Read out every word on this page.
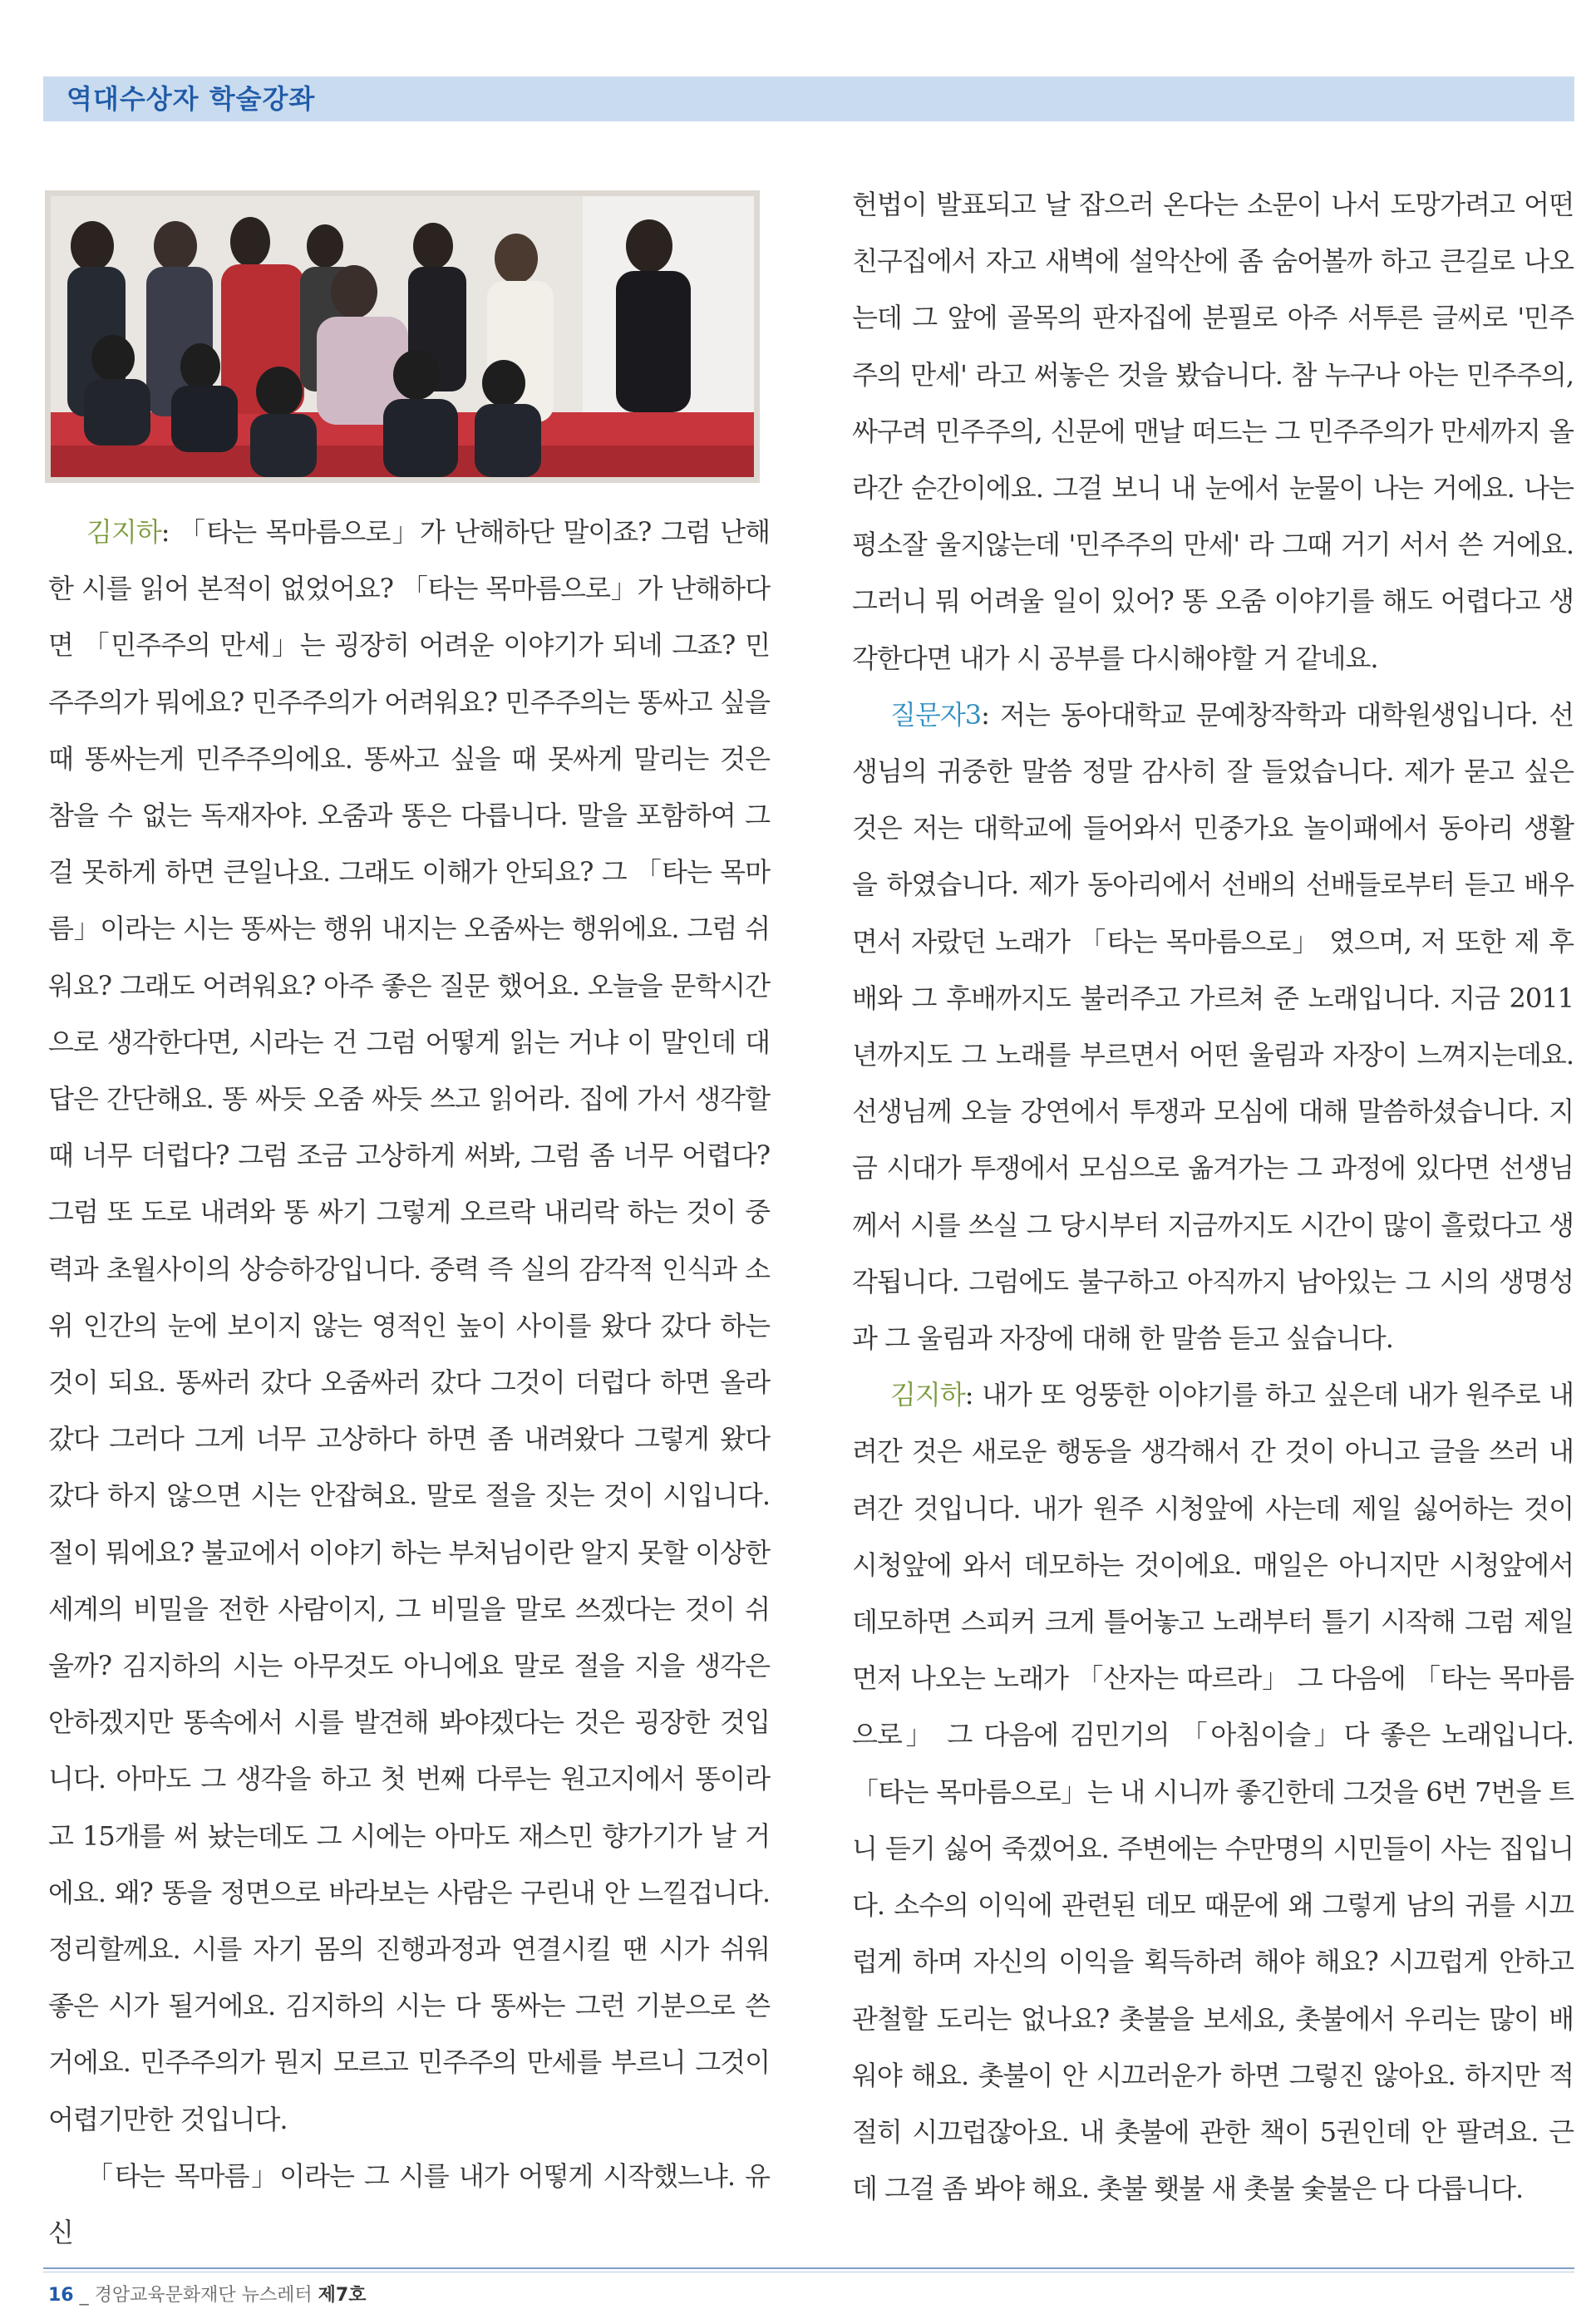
역대수상자 학술강좌

김지하: 「타는 목마름으로」가 난해하단 말이죠? 그럼 난해한 시를 읽어 본적이 없었어요? 「타는 목마름으로」가 난해하다면 「민주주의 만세」는 굉장히 어려운 이야기가 되네 그죠? 민주주의가 뭐에요? 민주주의가 어려워요? 민주주의는 똥싸고 싶을 때 똥싸는게 민주주의에요. 똥싸고 싶을 때 못싸게 말리는 것은 참을 수 없는 독재자야. 오줌과 똥은 다릅니다. 말을 포함하여 그걸 못하게 하면 큰일나요. 그래도 이해가 안되요? 그 「타는 목마름」이라는 시는 똥싸는 행위 내지는 오줌싸는 행위에요. 그럼 쉬워요? 그래도 어려워요? 아주 좋은 질문 했어요. 오늘을 문학시간으로 생각한다면, 시라는 건 그럼 어떻게 읽는 거냐 이 말인데 대답은 간단해요. 똥 싸듯 오줌 싸듯 쓰고 읽어라. 집에 가서 생각할 때 너무 더럽다? 그럼 조금 고상하게 써봐, 그럼 좀 너무 어렵다? 그럼 또 도로 내려와 똥 싸기 그렇게 오르락 내리락 하는 것이 중력과 초월사이의 상승하강입니다. 중력 즉 실의 감각적 인식과 소위 인간의 눈에 보이지 않는 영적인 높이 사이를 왔다 갔다 하는 것이 되요. 똥싸러 갔다 오줌싸러 갔다 그것이 더럽다 하면 올라갔다 그러다 그게 너무 고상하다 하면 좀 내려왔다 그렇게 왔다 갔다 하지 않으면 시는 안잡혀요. 말로 절을 짓는 것이 시입니다. 절이 뭐에요? 불교에서 이야기 하는 부처님이란 알지 못할 이상한 세계의 비밀을 전한 사람이지, 그 비밀을 말로 쓰겠다는 것이 쉬울까? 김지하의 시는 아무것도 아니에요 말로 절을 지을 생각은 안하겠지만 똥속에서 시를 발견해 봐야겠다는 것은 굉장한 것입니다. 아마도 그 생각을 하고 첫 번째 다루는 원고지에서 똥이라고 15개를 써 놨는데도 그 시에는 아마도 재스민 향가기가 날 거에요. 왜? 똥을 정면으로 바라보는 사람은 구린내 안 느낄겁니다. 정리할께요. 시를 자기 몸의 진행과정과 연결시킬 땐 시가 쉬워 좋은 시가 될거에요. 김지하의 시는 다 똥싸는 그런 기분으로 쓴 거에요. 민주주의가 뭔지 모르고 민주주의 만세를 부르니 그것이 어렵기만한 것입니다.

「타는 목마름」이라는 그 시를 내가 어떻게 시작했느냐. 유신

헌법이 발표되고 날 잡으러 온다는 소문이 나서 도망가려고 어떤 친구집에서 자고 새벽에 설악산에 좀 숨어볼까 하고 큰길로 나오는데 그 앞에 골목의 판자집에 분필로 아주 서투른 글씨로 '민주주의 만세' 라고 써놓은 것을 봤습니다. 참 누구나 아는 민주주의, 싸구려 민주주의, 신문에 맨날 떠드는 그 민주주의가 만세까지 올라간 순간이에요. 그걸 보니 내 눈에서 눈물이 나는 거에요. 나는 평소잘 울지않는데 '민주주의 만세' 라 그때 거기 서서 쓴 거에요. 그러니 뭐 어려울 일이 있어? 똥 오줌 이야기를 해도 어렵다고 생각한다면 내가 시 공부를 다시해야할 거 같네요.

질문자3: 저는 동아대학교 문예창작학과 대학원생입니다. 선생님의 귀중한 말씀 정말 감사히 잘 들었습니다. 제가 묻고 싶은 것은 저는 대학교에 들어와서 민중가요 놀이패에서 동아리 생활을 하였습니다. 제가 동아리에서 선배의 선배들로부터 듣고 배우면서 자랐던 노래가 「타는 목마름으로」 였으며, 저 또한 제 후배와 그 후배까지도 불러주고 가르쳐 준 노래입니다. 지금 2011년까지도 그 노래를 부르면서 어떤 울림과 자장이 느껴지는데요. 선생님께 오늘 강연에서 투쟁과 모심에 대해 말씀하셨습니다. 지금 시대가 투쟁에서 모심으로 옮겨가는 그 과정에 있다면 선생님께서 시를 쓰실 그 당시부터 지금까지도 시간이 많이 흘렀다고 생각됩니다. 그럼에도 불구하고 아직까지 남아있는 그 시의 생명성과 그 울림과 자장에 대해 한 말씀 듣고 싶습니다.

김지하: 내가 또 엉뚱한 이야기를 하고 싶은데 내가 원주로 내려간 것은 새로운 행동을 생각해서 간 것이 아니고 글을 쓰러 내려간 것입니다. 내가 원주 시청앞에 사는데 제일 싫어하는 것이 시청앞에 와서 데모하는 것이에요. 매일은 아니지만 시청앞에서 데모하면 스피커 크게 틀어놓고 노래부터 틀기 시작해 그럼 제일 먼저 나오는 노래가 「산자는 따르라」 그 다음에 「타는 목마름으로」 그 다음에 김민기의 「아침이슬」다 좋은 노래입니다. 「타는 목마름으로」는 내 시니까 좋긴한데 그것을 6번 7번을 트니 듣기 싫어 죽겠어요. 주변에는 수만명의 시민들이 사는 집입니다. 소수의 이익에 관련된 데모 때문에 왜 그렇게 남의 귀를 시끄럽게 하며 자신의 이익을 획득하려 해야 해요? 시끄럽게 안하고 관철할 도리는 없나요? 촛불을 보세요, 촛불에서 우리는 많이 배워야 해요. 촛불이 안 시끄러운가 하면 그렇진 않아요. 하지만 적절히 시끄럽잖아요. 내 촛불에 관한 책이 5권인데 안 팔려요. 근데 그걸 좀 봐야 해요. 촛불 횃불 새 촛불 숯불은 다 다릅니다.

16 _ 경암교육문화재단 뉴스레터 제7호
